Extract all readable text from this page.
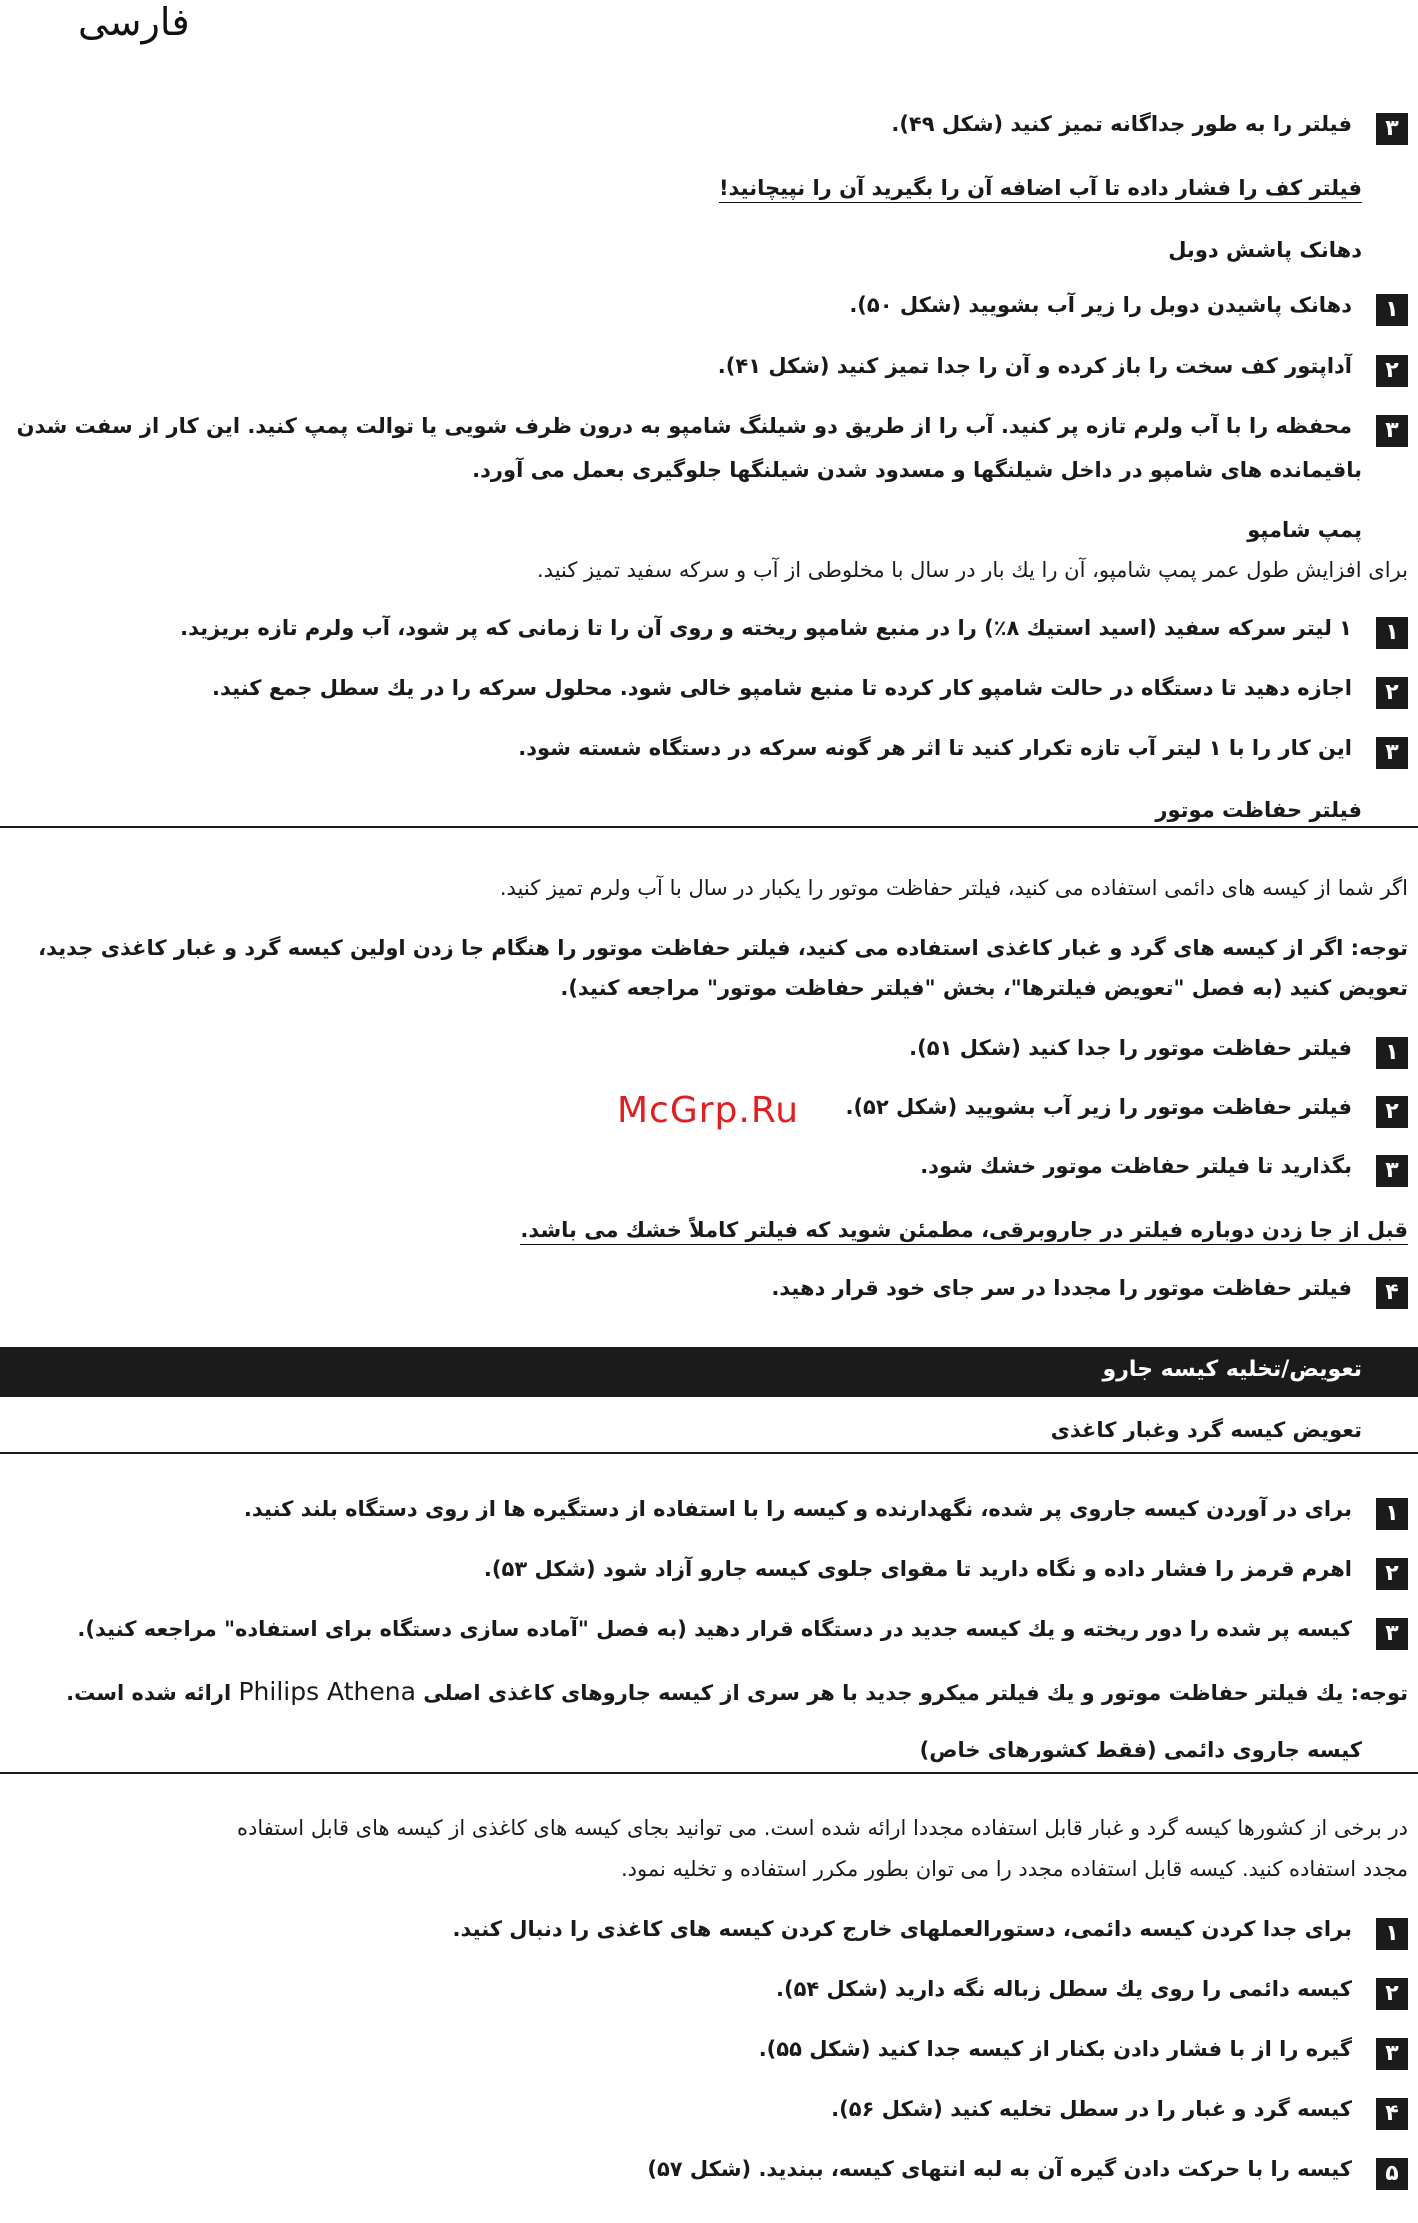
فارسی
McGrp.Ru
۳
فیلتر را به طور جداگانه تمیز کنید (شکل ۴۹).
فیلتر کف را فشار داده تا آب اضافه آن را بگیرید آن را نپیچانید!
دهانک پاشش دوبل
۱
دهانک پاشیدن دوبل را زیر آب بشویید (شکل ۵۰).
۲
آداپتور کف سخت را باز کرده و آن را جدا تمیز کنید (شکل ۴۱).
۳
محفظه را با آب ولرم تازه پر کنید. آب را از طریق دو شیلنگ شامپو به درون ظرف شویی یا توالت پمپ کنید. این کار از سفت شدن
باقیمانده های شامپو در داخل شیلنگها و مسدود شدن شیلنگها جلوگیری بعمل می آورد.
پمپ شامپو
برای افزایش طول عمر پمپ شامپو، آن را یك بار در سال با مخلوطی از آب و سرکه سفید تمیز کنید.
۱
۱ لیتر سرکه سفید (اسید استیك ۸٪) را در منبع شامپو ریخته و روی آن را تا زمانی که پر شود، آب ولرم تازه بریزید.
۲
اجازه دهید تا دستگاه در حالت شامپو کار کرده تا منبع شامپو خالی شود. محلول سرکه را در یك سطل جمع کنید.
۳
این کار را با ۱ لیتر آب تازه تکرار کنید تا اثر هر گونه سرکه در دستگاه شسته شود.
فیلتر حفاظت موتور
اگر شما از کیسه های دائمی استفاده می کنید، فیلتر حفاظت موتور را یکبار در سال با آب ولرم تمیز کنید.
توجه: اگر از کیسه های گرد و غبار کاغذی استفاده می کنید، فیلتر حفاظت موتور را هنگام جا زدن اولین کیسه گرد و غبار کاغذی جدید،
تعویض کنید (به فصل "تعویض فیلترها"، بخش "فیلتر حفاظت موتور" مراجعه کنید).
۱
فیلتر حفاظت موتور را جدا کنید (شکل ۵۱).
۲
فیلتر حفاظت موتور را زیر آب بشویید (شکل ۵۲).
۳
بگذارید تا فیلتر حفاظت موتور خشك شود.
قبل از جا زدن دوباره فیلتر در جاروبرقی، مطمئن شوید که فیلتر کاملاً خشك می باشد.
۴
فیلتر حفاظت موتور را مجددا در سر جای خود قرار دهید.
تعویض/تخلیه کیسه جارو
تعویض کیسه گرد وغبار کاغذی
۱
برای در آوردن کیسه جاروی پر شده، نگهدارنده و کیسه را با استفاده از دستگیره ها از روی دستگاه بلند کنید.
۲
اهرم قرمز را فشار داده و نگاه دارید تا مقوای جلوی کیسه جارو آزاد شود (شکل ۵۳).
۳
کیسه پر شده را دور ریخته و یك کیسه جدید در دستگاه قرار دهید (به فصل "آماده سازی دستگاه برای استفاده" مراجعه کنید).
توجه: یك فیلتر حفاظت موتور و یك فیلتر میکرو جدید با هر سری از کیسه جاروهای کاغذی اصلی Philips Athena ارائه شده است.
کیسه جاروی دائمی (فقط کشورهای خاص)
در برخی از کشورها کیسه گرد و غبار قابل استفاده مجددا ارائه شده است. می توانید بجای کیسه های کاغذی از کیسه های قابل استفاده
مجدد استفاده کنید. کیسه قابل استفاده مجدد را می توان بطور مکرر استفاده و تخلیه نمود.
۱
برای جدا کردن کیسه دائمی، دستورالعملهای خارج کردن کیسه های کاغذی را دنبال کنید.
۲
کیسه دائمی را روی یك سطل زباله نگه دارید (شکل ۵۴).
۳
گیره را از با فشار دادن بکنار از کیسه جدا کنید (شکل ۵۵).
۴
کیسه گرد و غبار را در سطل تخلیه کنید (شکل ۵۶).
۵
کیسه را با حرکت دادن گیره آن به لبه انتهای کیسه، ببندید. (شکل ۵۷)
